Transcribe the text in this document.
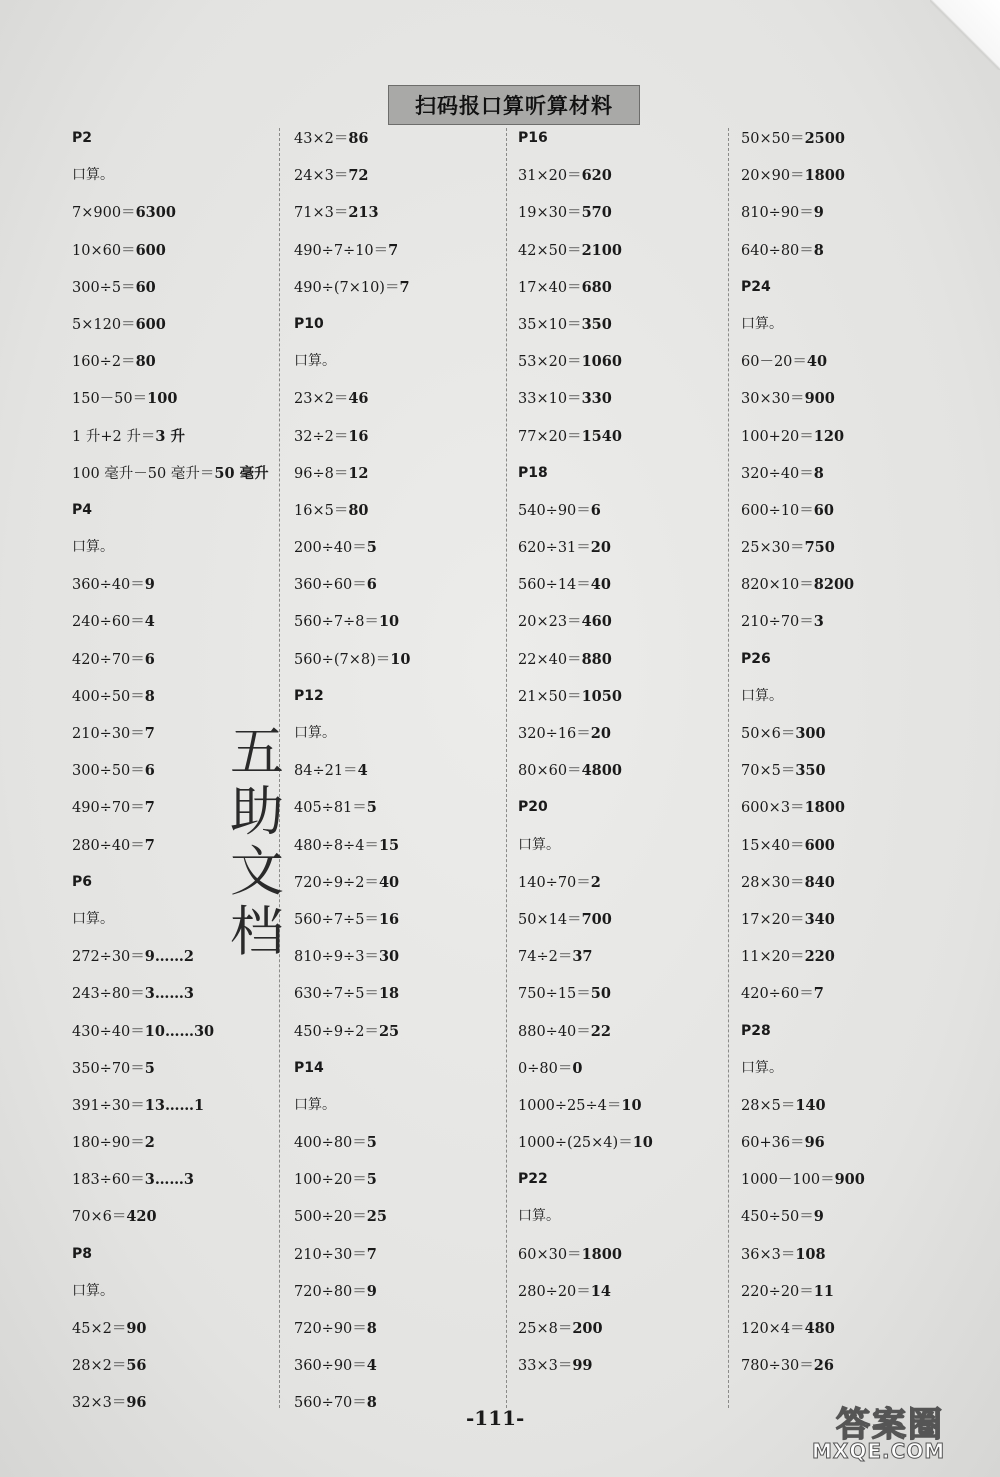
扫码报口算听算材料
P2
口算。
7×900＝6300
10×60＝600
300÷5＝60
5×120＝600
160÷2＝80
150－50＝100
1 升+2 升＝3 升
100 毫升－50 毫升＝50 毫升
P4
口算。
360÷40＝9
240÷60＝4
420÷70＝6
400÷50＝8
210÷30＝7
300÷50＝6
490÷70＝7
280÷40＝7
P6
口算。
272÷30＝9……2
243÷80＝3……3
430÷40＝10……30
350÷70＝5
391÷30＝13……1
180÷90＝2
183÷60＝3……3
70×6＝420
P8
口算。
45×2＝90
28×2＝56
32×3＝96
43×2＝86
24×3＝72
71×3＝213
490÷7÷10＝7
490÷(7×10)＝7
P10
口算。
23×2＝46
32÷2＝16
96÷8＝12
16×5＝80
200÷40＝5
360÷60＝6
560÷7÷8＝10
560÷(7×8)＝10
P12
口算。
84÷21＝4
405÷81＝5
480÷8÷4＝15
720÷9÷2＝40
560÷7÷5＝16
810÷9÷3＝30
630÷7÷5＝18
450÷9÷2＝25
P14
口算。
400÷80＝5
100÷20＝5
500÷20＝25
210÷30＝7
720÷80＝9
720÷90＝8
360÷90＝4
560÷70＝8
P16
31×20＝620
19×30＝570
42×50＝2100
17×40＝680
35×10＝350
53×20＝1060
33×10＝330
77×20＝1540
P18
540÷90＝6
620÷31＝20
560÷14＝40
20×23＝460
22×40＝880
21×50＝1050
320÷16＝20
80×60＝4800
P20
口算。
140÷70＝2
50×14＝700
74÷2＝37
750÷15＝50
880÷40＝22
0÷80＝0
1000÷25÷4＝10
1000÷(25×4)＝10
P22
口算。
60×30＝1800
280÷20＝14
25×8＝200
33×3＝99
50×50＝2500
20×90＝1800
810÷90＝9
640÷80＝8
P24
口算。
60－20＝40
30×30＝900
100+20＝120
320÷40＝8
600÷10＝60
25×30＝750
820×10＝8200
210÷70＝3
P26
口算。
50×6＝300
70×5＝350
600×3＝1800
15×40＝600
28×30＝840
17×20＝340
11×20＝220
420÷60＝7
P28
口算。
28×5＝140
60+36＝96
1000－100＝900
450÷50＝9
36×3＝108
220÷20＝11
120×4＝480
780÷30＝26
五
助
文
档
-111-	答案圈
MXQE.COM
